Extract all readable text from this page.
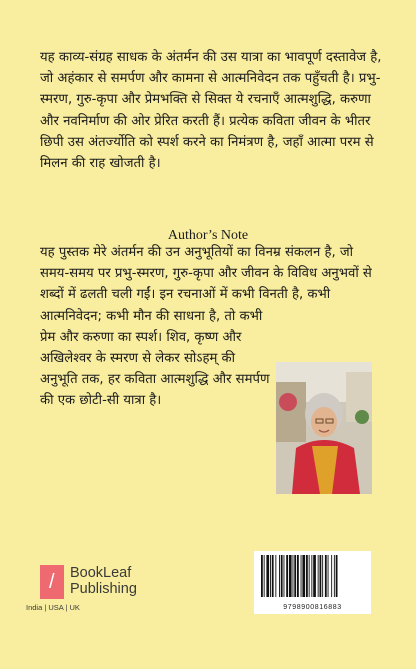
यह काव्य-संग्रह साधक के अंतर्मन की उस यात्रा का भावपूर्ण दस्तावेज है, जो अहंकार से समर्पण और कामना से आत्मनिवेदन तक पहुँचती है। प्रभु-स्मरण, गुरु-कृपा और प्रेमभक्ति से सिक्त ये रचनाएँ आत्मशुद्धि, करुणा और नवनिर्माण की ओर प्रेरित करती हैं। प्रत्येक कविता जीवन के भीतर छिपी उस अंतर्ज्योति को स्पर्श करने का निमंत्रण है, जहाँ आत्मा परम से मिलन की राह खोजती है।

Author’s Note
यह पुस्तक मेरे अंतर्मन की उन अनुभूतियों का विनम्र संकलन है, जो समय-समय पर प्रभु-स्मरण, गुरु-कृपा और जीवन के विविध अनुभवों से शब्दों में ढलती चली गईं। इन रचनाओं में कभी विनती है, कभी
आत्मनिवेदन; कभी मौन की साधना है, तो कभी प्रेम और करुणा का स्पर्श। शिव, कृष्ण और अखिलेश्वर के स्मरण से लेकर सोऽहम् की अनुभूति तक, हर कविता आत्मशुद्धि और समर्पण की एक छोटी-सी यात्रा है।
/ BookLeaf
Publishing
India | USA | UK	9798900816883
